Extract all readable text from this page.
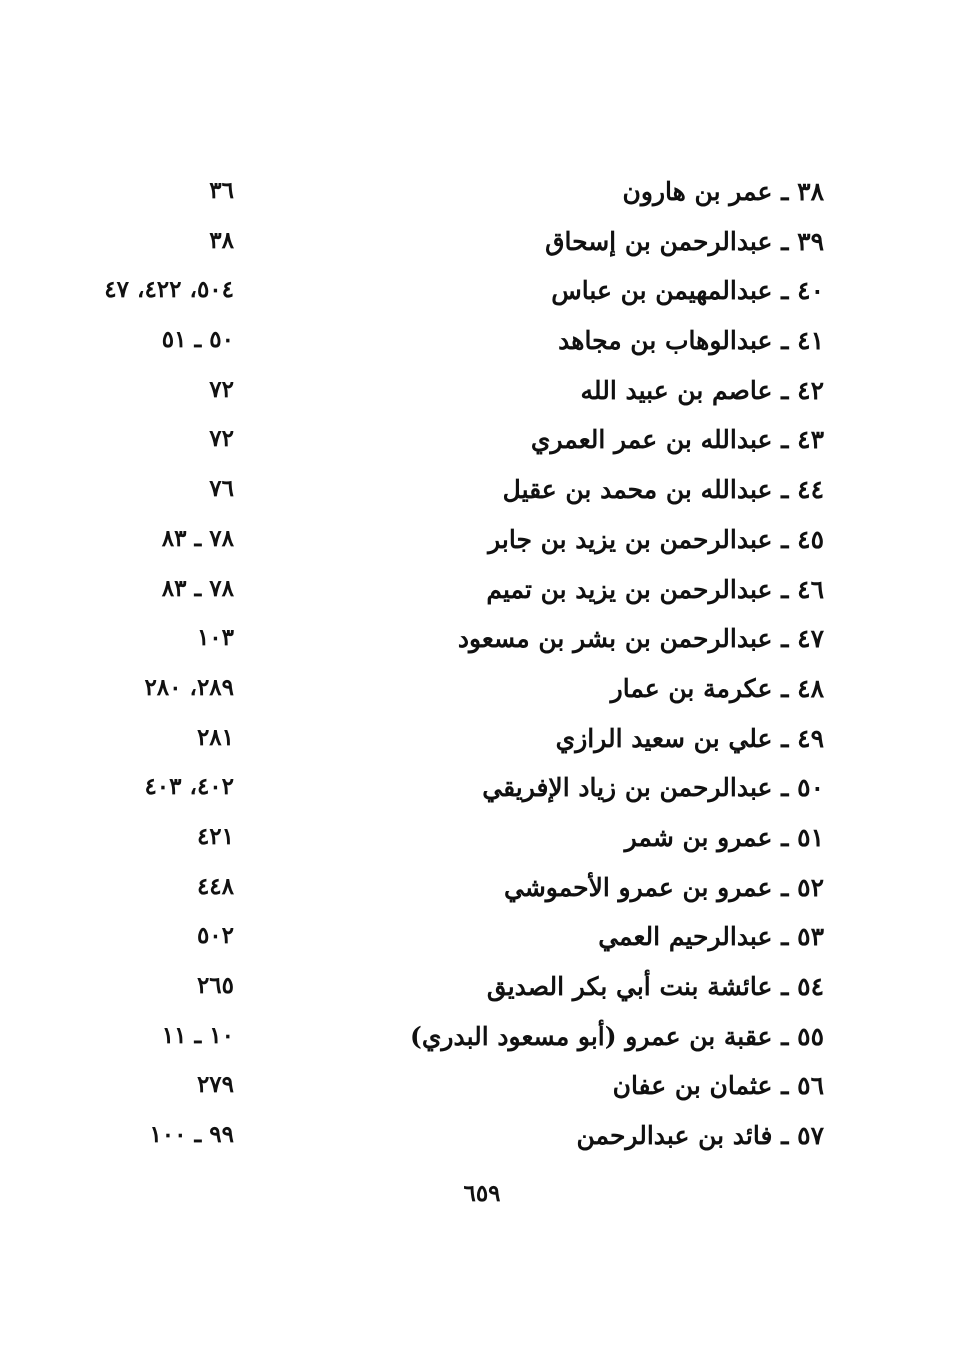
٣٨ ـ عمر بن هارون
٣٦
٣٩ ـ عبدالرحمن بن إسحاق
٣٨
٤٠ ـ عبدالمهيمن بن عباس
٥٠٤، ٤٢٢، ٤٧
٤١ ـ عبدالوهاب بن مجاهد
٥٠ ـ ٥١
٤٢ ـ عاصم بن عبيد الله
٧٢
٤٣ ـ عبدالله بن عمر العمري
٧٢
٤٤ ـ عبدالله بن محمد بن عقيل
٧٦
٤٥ ـ عبدالرحمن بن يزيد بن جابر
٧٨ ـ ٨٣
٤٦ ـ عبدالرحمن بن يزيد بن تميم
٧٨ ـ ٨٣
٤٧ ـ عبدالرحمن بن بشر بن مسعود
١٠٣
٤٨ ـ عكرمة بن عمار
٢٨٩، ٢٨٠
٤٩ ـ علي بن سعيد الرازي
٢٨١
٥٠ ـ عبدالرحمن بن زياد الإفريقي
٤٠٢، ٤٠٣
٥١ ـ عمرو بن شمر
٤٢١
٥٢ ـ عمرو بن عمرو الأحموشي
٤٤٨
٥٣ ـ عبدالرحيم العمي
٥٠٢
٥٤ ـ عائشة بنت أبي بكر الصديق
٢٦٥
٥٥ ـ عقبة بن عمرو (أبو مسعود البدري)
١٠ ـ ١١
٥٦ ـ عثمان بن عفان
٢٧٩
٥٧ ـ فائد بن عبدالرحمن
٩٩ ـ ١٠٠
٦٥٩
